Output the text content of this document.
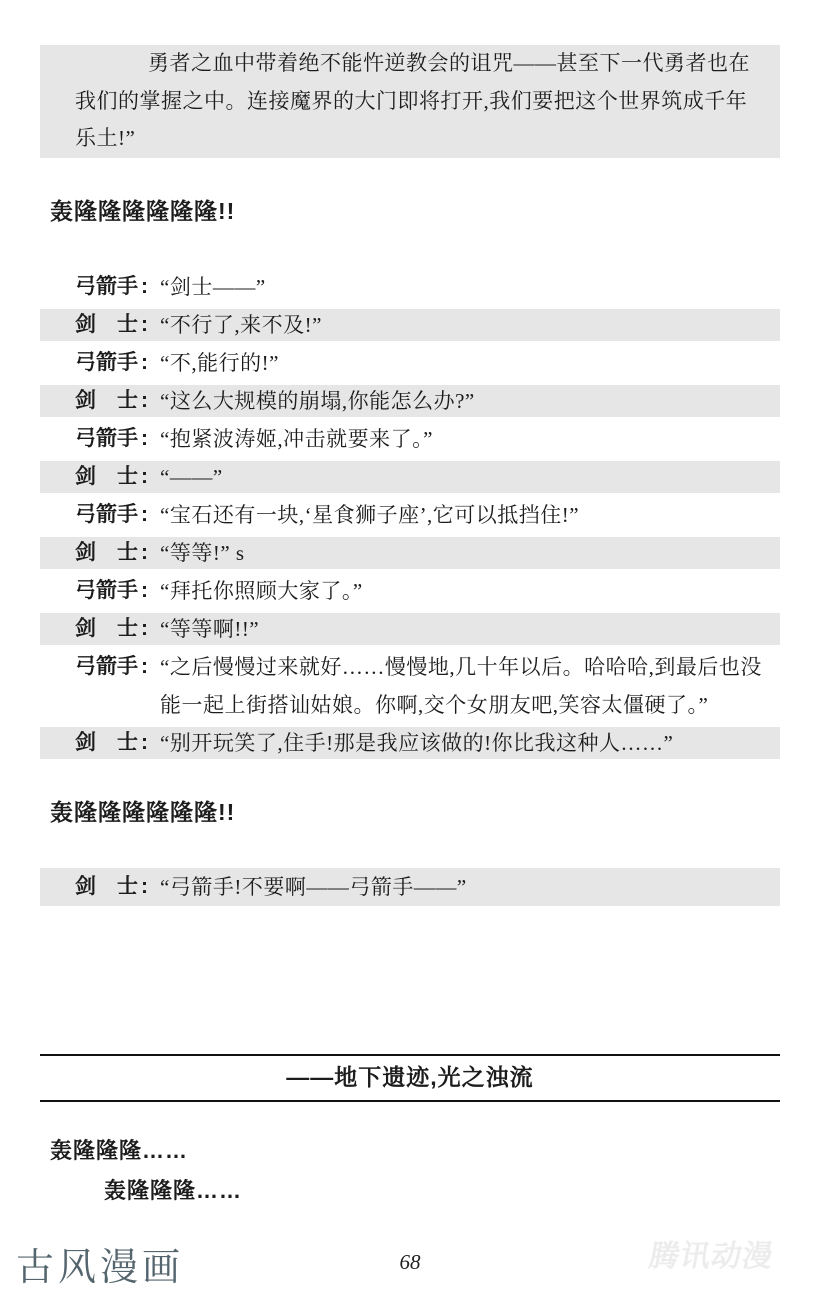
勇者之血中带着绝不能忤逆教会的诅咒——甚至下一代勇者也在我们的掌握之中。连接魔界的大门即将打开,我们要把这个世界筑成千年乐土!”

轰隆隆隆隆隆隆!!
弓箭手 : “剑士——”
剑　士 : “不行了,来不及!”
弓箭手 : “不,能行的!”
剑　士 : “这么大规模的崩塌,你能怎么办?”
弓箭手 : “抱紧波涛姬,冲击就要来了。”
剑　士 : “——”
弓箭手 : “宝石还有一块,‘星食狮子座’,它可以抵挡住!”
剑　士 : “等等!” s
弓箭手 : “拜托你照顾大家了。”
剑　士 : “等等啊!!”
弓箭手 : “之后慢慢过来就好……慢慢地,几十年以后。哈哈哈,到最后也没能一起上街搭讪姑娘。你啊,交个女朋友吧,笑容太僵硬了。”
剑　士 : “别开玩笑了,住手!那是我应该做的!你比我这种人……”
轰隆隆隆隆隆隆!!
剑　士 : “弓箭手!不要啊——弓箭手——”
——地下遗迹,光之浊流
轰隆隆隆……
轰隆隆隆……
古风漫画	68	腾讯动漫
